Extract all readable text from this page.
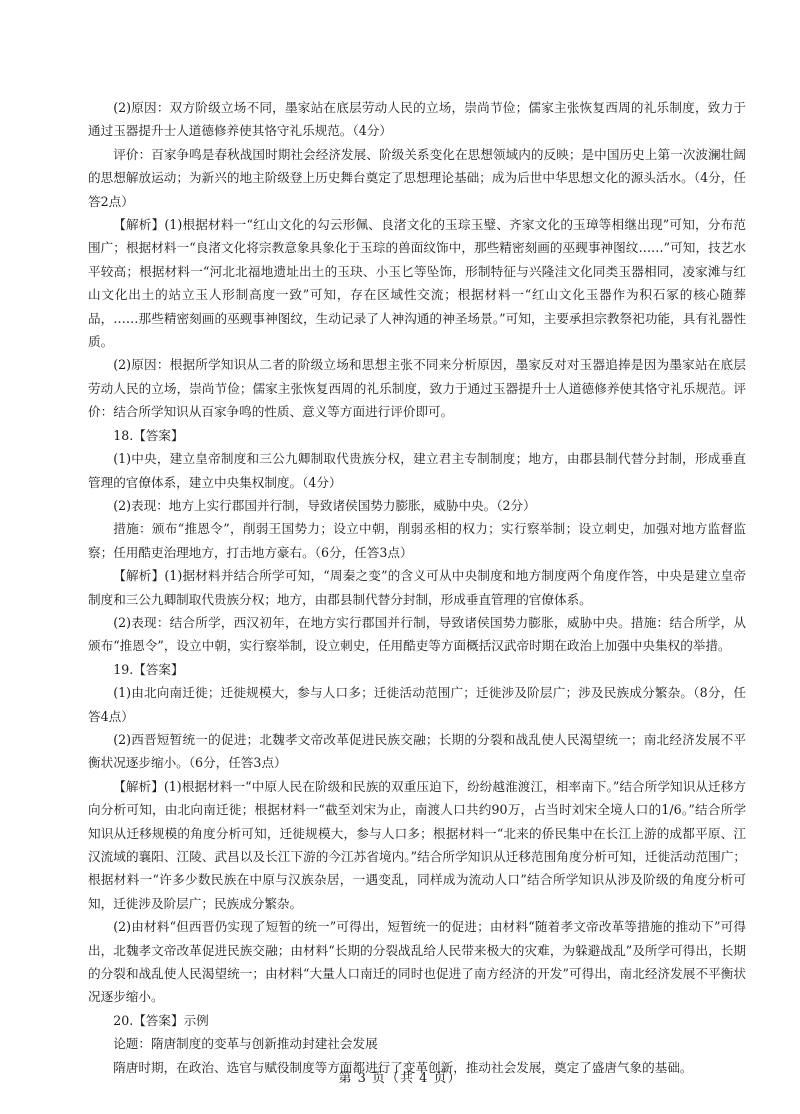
(2)原因：双方阶级立场不同，墨家站在底层劳动人民的立场，崇尚节俭；儒家主张恢复西周的礼乐制度，致力于通过玉器提升士人道德修养使其恪守礼乐规范。（4分）

评价：百家争鸣是春秋战国时期社会经济发展、阶级关系变化在思想领域内的反映；是中国历史上第一次波澜壮阔的思想解放运动；为新兴的地主阶级登上历史舞台奠定了思想理论基础；成为后世中华思想文化的源头活水。（4分，任答2点）

【解析】(1)根据材料一“红山文化的勾云形佩、良渚文化的玉琮玉璧、齐家文化的玉璋等相继出现”可知，分布范围广；根据材料一“良渚文化将宗教意象具象化于玉琮的兽面纹饰中，那些精密刻画的巫觋事神图纹……”可知，技艺水平较高；根据材料一“河北北福地遗址出土的玉玦、小玉匕等坠饰，形制特征与兴隆洼文化同类玉器相同，凌家滩与红山文化出土的站立玉人形制高度一致”可知，存在区域性交流；根据材料一“红山文化玉器作为积石冢的核心随葬品，……那些精密刻画的巫觋事神图纹，生动记录了人神沟通的神圣场景。”可知，主要承担宗教祭祀功能，具有礼器性质。

(2)原因：根据所学知识从二者的阶级立场和思想主张不同来分析原因，墨家反对对玉器追捧是因为墨家站在底层劳动人民的立场，崇尚节俭；儒家主张恢复西周的礼乐制度，致力于通过玉器提升士人道德修养使其恪守礼乐规范。评价：结合所学知识从百家争鸣的性质、意义等方面进行评价即可。

18.【答案】

(1)中央，建立皇帝制度和三公九卿制取代贵族分权，建立君主专制制度；地方，由郡县制代替分封制，形成垂直管理的官僚体系，建立中央集权制度。（4分）

(2)表现：地方上实行郡国并行制，导致诸侯国势力膨胀，威胁中央。（2分）

措施：颁布“推恩令”，削弱王国势力；设立中朝，削弱丞相的权力；实行察举制；设立刺史，加强对地方监督监察；任用酷吏治理地方，打击地方豪右。（6分，任答3点）

【解析】(1)据材料并结合所学可知，“周秦之变”的含义可从中央制度和地方制度两个角度作答，中央是建立皇帝制度和三公九卿制取代贵族分权；地方，由郡县制代替分封制，形成垂直管理的官僚体系。

(2)表现：结合所学，西汉初年，在地方实行郡国并行制，导致诸侯国势力膨胀，威胁中央。措施：结合所学，从颁布“推恩令”，设立中朝，实行察举制，设立刺史，任用酷吏等方面概括汉武帝时期在政治上加强中央集权的举措。

19.【答案】

(1)由北向南迁徙；迁徙规模大，参与人口多；迁徙活动范围广；迁徙涉及阶层广；涉及民族成分繁杂。（8分，任答4点）

(2)西晋短暂统一的促进；北魏孝文帝改革促进民族交融；长期的分裂和战乱使人民渴望统一；南北经济发展不平衡状况逐步缩小。（6分，任答3点）

【解析】(1)根据材料一“中原人民在阶级和民族的双重压迫下，纷纷越淮渡江，相率南下。”结合所学知识从迁移方向分析可知，由北向南迁徙；根据材料一“截至刘宋为止，南渡人口共约90万，占当时刘宋全境人口的1/6。”结合所学知识从迁移规模的角度分析可知，迁徙规模大，参与人口多；根据材料一“北来的侨民集中在长江上游的成都平原、江汉流域的襄阳、江陵、武昌以及长江下游的今江苏省境内。”结合所学知识从迁移范围角度分析可知，迁徙活动范围广；根据材料一“许多少数民族在中原与汉族杂居，一遇变乱，同样成为流动人口”结合所学知识从涉及阶级的角度分析可知，迁徙涉及阶层广；民族成分繁杂。

(2)由材料“但西晋仍实现了短暂的统一”可得出，短暂统一的促进；由材料“随着孝文帝改革等措施的推动下”可得出，北魏孝文帝改革促进民族交融；由材料“长期的分裂战乱给人民带来极大的灾难，为躲避战乱”及所学可得出，长期的分裂和战乱使人民渴望统一；由材料“大量人口南迁的同时也促进了南方经济的开发”可得出，南北经济发展不平衡状况逐步缩小。

20.【答案】示例

论题：隋唐制度的变革与创新推动封建社会发展

隋唐时期，在政治、选官与赋役制度等方面都进行了变革创新，推动社会发展，奠定了盛唐气象的基础。

第 3 页（共 4 页）
